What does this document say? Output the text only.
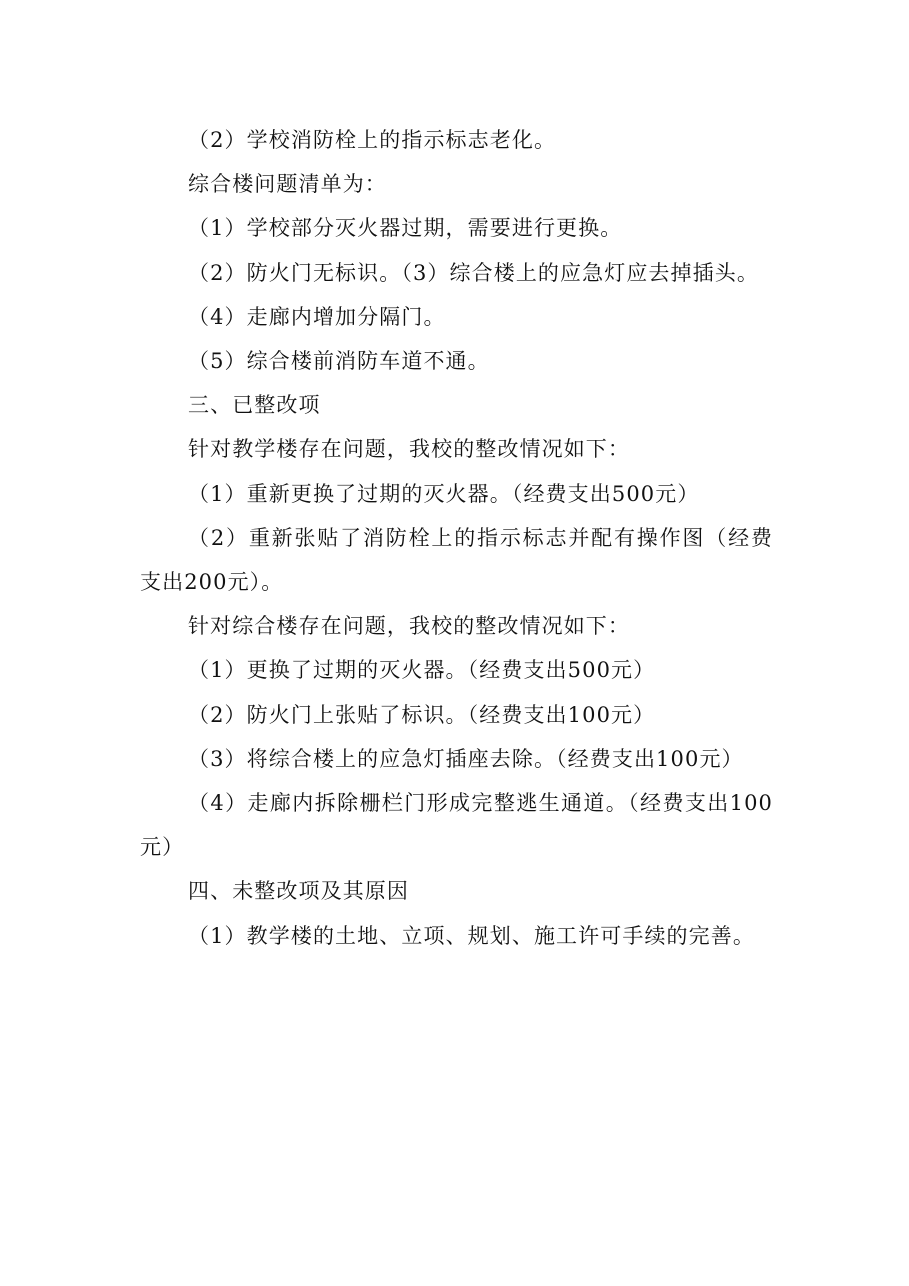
（2）学校消防栓上的指示标志老化。

综合楼问题清单为：

（1）学校部分灭火器过期，需要进行更换。

（2）防火门无标识。（3）综合楼上的应急灯应去掉插头。

（4）走廊内增加分隔门。

（5）综合楼前消防车道不通。

三、已整改项

针对教学楼存在问题，我校的整改情况如下：

（1）重新更换了过期的灭火器。（经费支出500元）

（2）重新张贴了消防栓上的指示标志并配有操作图（经费支出200元）。

针对综合楼存在问题，我校的整改情况如下：

（1）更换了过期的灭火器。（经费支出500元）

（2）防火门上张贴了标识。（经费支出100元）

（3）将综合楼上的应急灯插座去除。（经费支出100元）

（4）走廊内拆除栅栏门形成完整逃生通道。（经费支出100元）

四、未整改项及其原因

（1）教学楼的土地、立项、规划、施工许可手续的完善。
